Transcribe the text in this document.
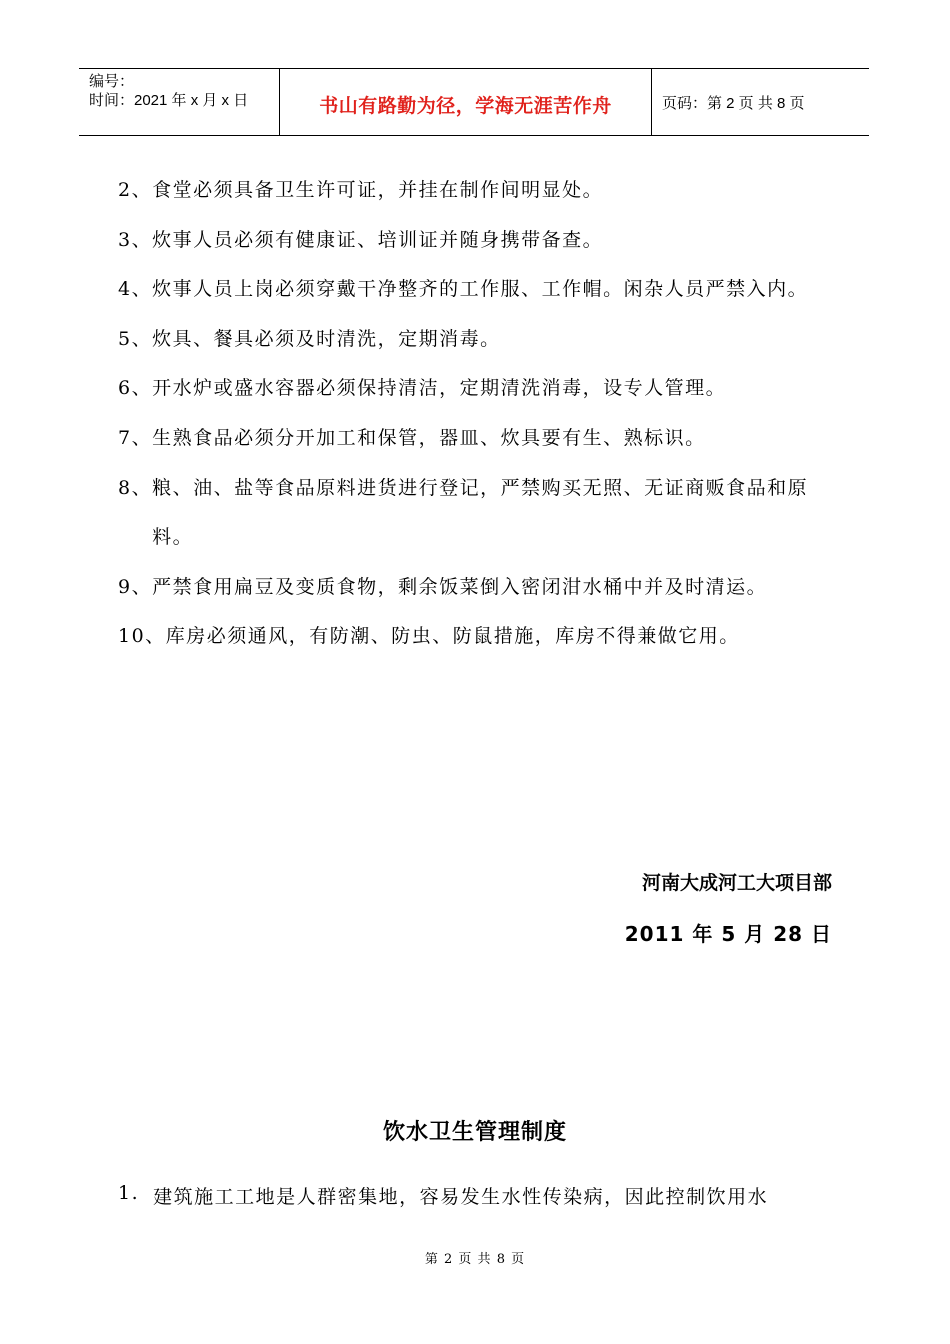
编号：
时间：2021 年 x 月 x 日	书山有路勤为径，学海无涯苦作舟	页码：第 2 页 共 8 页
2、 食堂必须具备卫生许可证，并挂在制作间明显处。
3、 炊事人员必须有健康证、培训证并随身携带备查。
4、 炊事人员上岗必须穿戴干净整齐的工作服、工作帽。闲杂人员严禁入内。
5、 炊具、餐具必须及时清洗，定期消毒。
6、 开水炉或盛水容器必须保持清洁，定期清洗消毒，设专人管理。
7、 生熟食品必须分开加工和保管，器皿、炊具要有生、熟标识。
8、 粮、油、盐等食品原料进货进行登记，严禁购买无照、无证商贩食品和原料。
9、 严禁食用扁豆及变质食物，剩余饭菜倒入密闭泔水桶中并及时清运。
10、 库房必须通风，有防潮、防虫、防鼠措施，库房不得兼做它用。
河南大成河工大项目部
2011 年 5 月 28 日
饮水卫生管理制度
1. 建筑施工工地是人群密集地，容易发生水性传染病，因此控制饮用水
第 2 页 共 8 页
